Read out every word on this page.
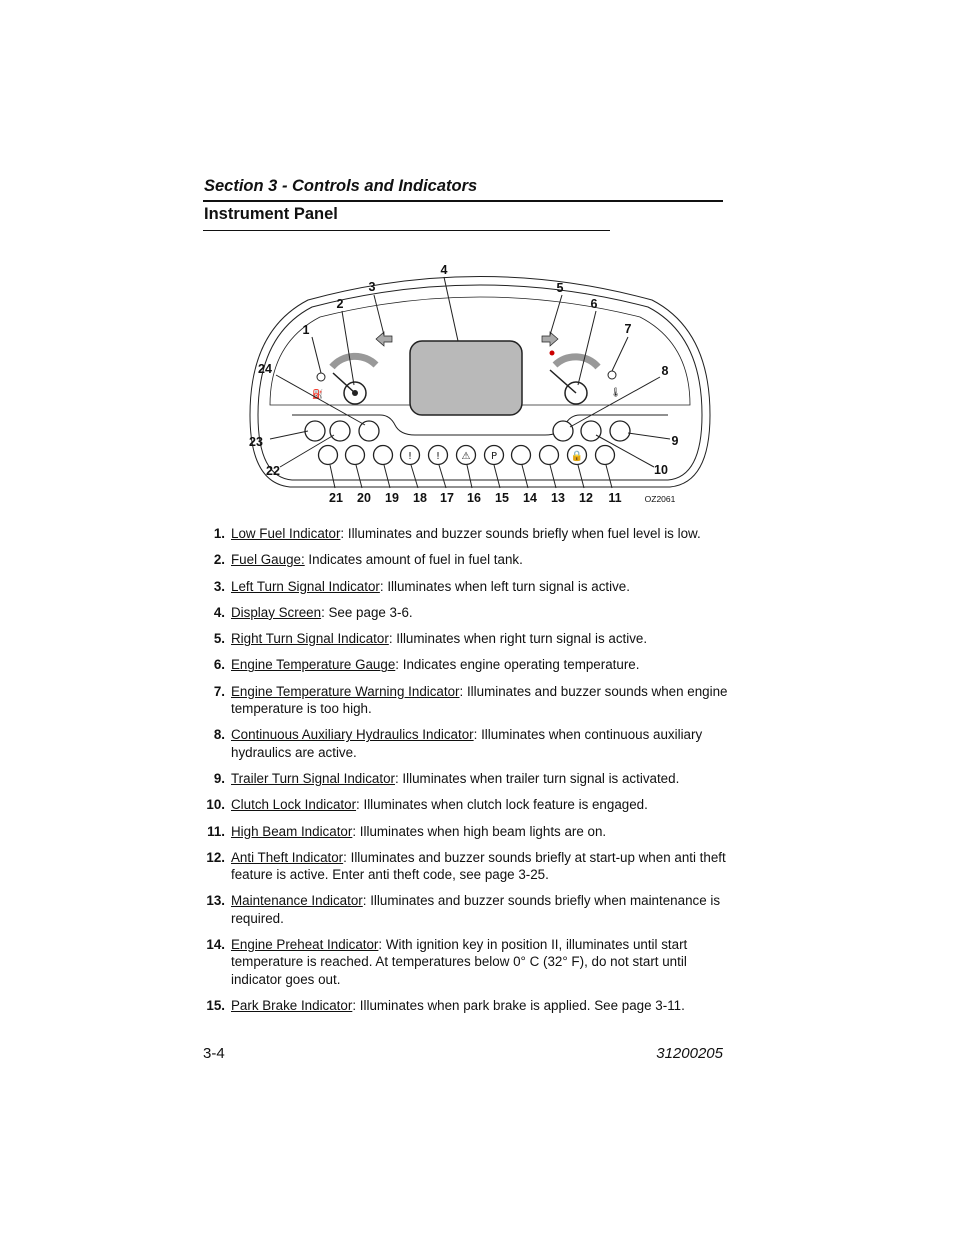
Section 3 - Controls and Indicators
Instrument Panel
⛽	🌡
! ! ⚠ P	🔒
1
2
3
4
5
6
7
8
9
10
11
12
13
14
15
16
17
18
19
20
21
22
23
24
OZ2061
1. Low Fuel Indicator: Illuminates and buzzer sounds briefly when fuel level is low.
2. Fuel Gauge: Indicates amount of fuel in fuel tank.
3. Left Turn Signal Indicator: Illuminates when left turn signal is active.
4. Display Screen: See page 3-6.
5. Right Turn Signal Indicator: Illuminates when right turn signal is active.
6. Engine Temperature Gauge: Indicates engine operating temperature.
7. Engine Temperature Warning Indicator: Illuminates and buzzer sounds when engine temperature is too high.
8. Continuous Auxiliary Hydraulics Indicator: Illuminates when continuous auxiliary hydraulics are active.
9. Trailer Turn Signal Indicator: Illuminates when trailer turn signal is activated.
10. Clutch Lock Indicator: Illuminates when clutch lock feature is engaged.
11. High Beam Indicator: Illuminates when high beam lights are on.
12. Anti Theft Indicator: Illuminates and buzzer sounds briefly at start-up when anti theft feature is active. Enter anti theft code, see page 3-25.
13. Maintenance Indicator: Illuminates and buzzer sounds briefly when maintenance is required.
14. Engine Preheat Indicator: With ignition key in position II, illuminates until start temperature is reached. At temperatures below 0° C (32° F), do not start until indicator goes out.
15. Park Brake Indicator: Illuminates when park brake is applied. See page 3-11.
3-4	31200205
